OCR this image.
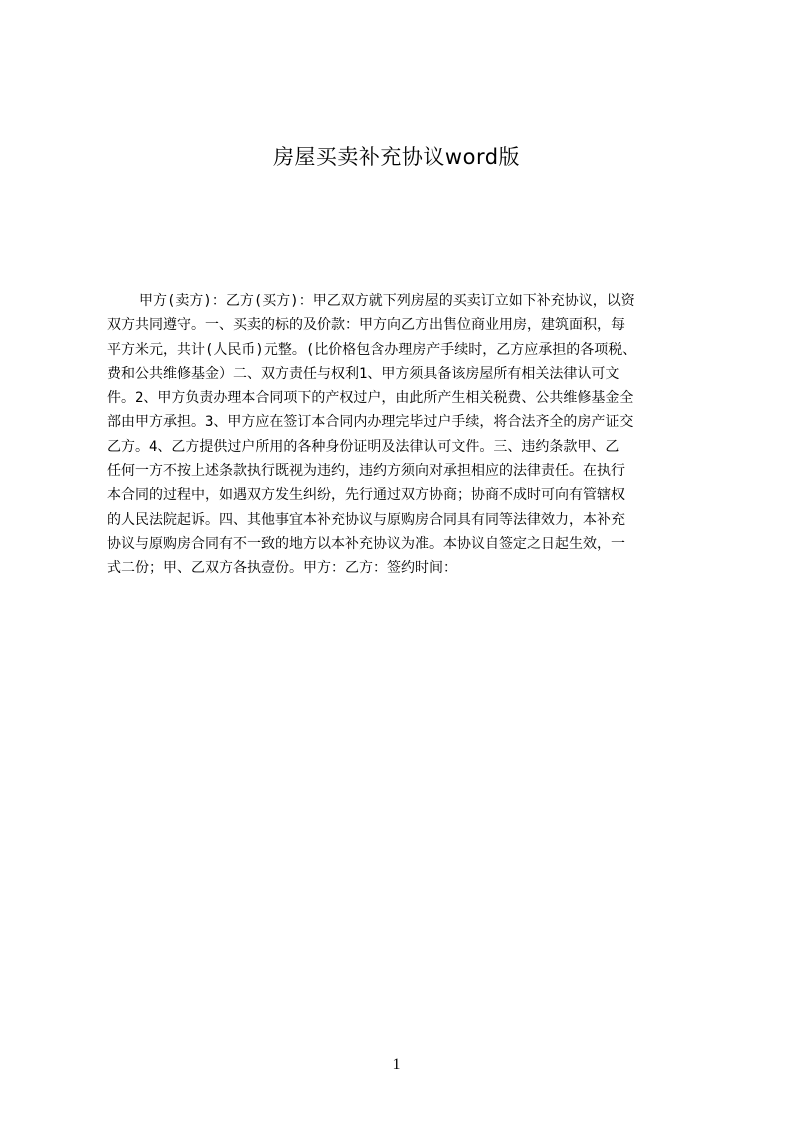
房屋买卖补充协议word版
甲方(卖方)：乙方(买方)：甲乙双方就下列房屋的买卖订立如下补充协议，以资
双方共同遵守。一、买卖的标的及价款：甲方向乙方出售位商业用房，建筑面积，每
平方米元，共计(人民币)元整。(比价格包含办理房产手续时，乙方应承担的各项税、
费和公共维修基金）二、双方责任与权利1、甲方须具备该房屋所有相关法律认可文
件。2、甲方负责办理本合同项下的产权过户，由此所产生相关税费、公共维修基金全
部由甲方承担。3、甲方应在签订本合同内办理完毕过户手续，将合法齐全的房产证交
乙方。4、乙方提供过户所用的各种身份证明及法律认可文件。三、违约条款甲、乙
任何一方不按上述条款执行既视为违约，违约方须向对承担相应的法律责任。在执行
本合同的过程中，如遇双方发生纠纷，先行通过双方协商；协商不成时可向有管辖权
的人民法院起诉。四、其他事宜本补充协议与原购房合同具有同等法律效力，本补充
协议与原购房合同有不一致的地方以本补充协议为准。本协议自签定之日起生效，一
式二份；甲、乙双方各执壹份。甲方：乙方：签约时间：
1
